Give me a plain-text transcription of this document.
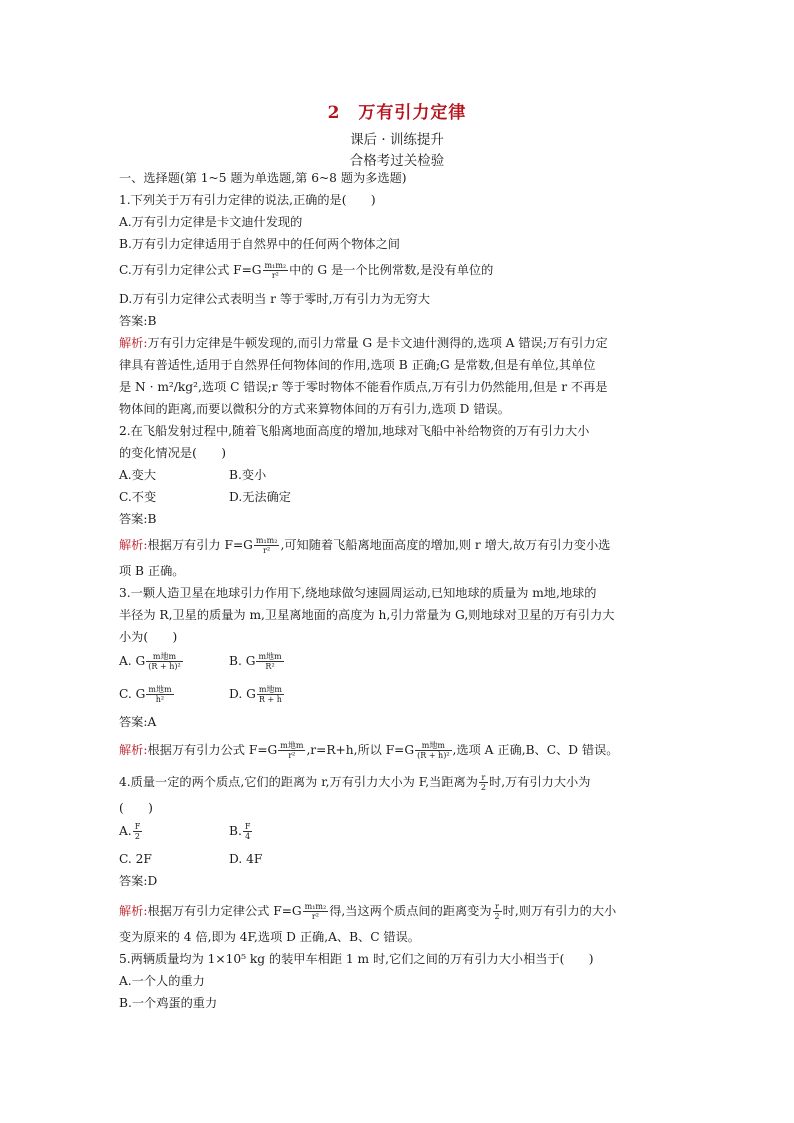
2　万有引力定律
课后 · 训练提升
合格考过关检验
一、选择题(第 1~5 题为单选题,第 6~8 题为多选题)
1.下列关于万有引力定律的说法,正确的是(　　)
A.万有引力定律是卡文迪什发现的
B.万有引力定律适用于自然界中的任何两个物体之间
C.万有引力定律公式 $F=G \frac{\text{m₁m₂}}{\text{r²}}$ 中的 G 是一个比例常数,是没有单位的
D.万有引力定律公式表明当 r 等于零时,万有引力为无穷大
答案:B
解析:万有引力定律是牛顿发现的,而引力常量 G 是卡文迪什测得的,选项 A 错误;万有引力定
律具有普适性,适用于自然界任何物体间的作用,选项 B 正确;G 是常数,但是有单位,其单位
是 N · m²/kg²,选项 C 错误;r 等于零时物体不能看作质点,万有引力仍然能用,但是 r 不再是
物体间的距离,而要以微积分的方式来算物体间的万有引力,选项 D 错误。
2.在飞船发射过程中,随着飞船离地面高度的增加,地球对飞船中补给物资的万有引力大小
的变化情况是(　　)
A.变大	B.变小
C.不变	D.无法确定
答案:B
解析:根据万有引力 $F=G \frac{\text{m₁m₂}}{\text{r²}}$ ,可知随着飞船离地面高度的增加,则 r 增大,故万有引力变小选
项 B 正确。
3.一颗人造卫星在地球引力作用下,绕地球做匀速圆周运动,已知地球的质量为 m地,地球的
半径为 R,卫星的质量为 m,卫星离地面的高度为 h,引力常量为 G,则地球对卫星的万有引力大
小为(　　)
A. G $\frac{\text{m地m}}{\text{(R + h)²}}$	B. G $\frac{\text{m地m}}{\text{R²}}$
C. G $\frac{\text{m地m}}{\text{h²}}$	D. G $\frac{\text{m地m}}{R + h}$
答案:A
解析:根据万有引力公式 $F=G \frac{\text{m地m}}{\text{r²}} ,r=R+h$,所以 $F=G \frac{\text{m地m}}{\text{(R + h)²}}$ ,选项 A 正确,B、C、D 错误。
4.质量一定的两个质点,它们的距离为 r,万有引力大小为 F,当距离为 $\frac{r}{2}$ 时,万有引力大小为
(　　)
A. $\frac{F}{2}$	B. $\frac{F}{4}$
C. 2F	D. 4F
答案:D
解析:根据万有引力定律公式 $F=G \frac{\text{m₁m₂}}{\text{r²}}$ 得,当这两个质点间的距离变为 $\frac{r}{2}$ 时,则万有引力的大小
变为原来的 4 倍,即为 4F,选项 D 正确,A、B、C 错误。
5.两辆质量均为 1×10⁵ kg 的装甲车相距 1 m 时,它们之间的万有引力大小相当于(　　)
A.一个人的重力
B.一个鸡蛋的重力
